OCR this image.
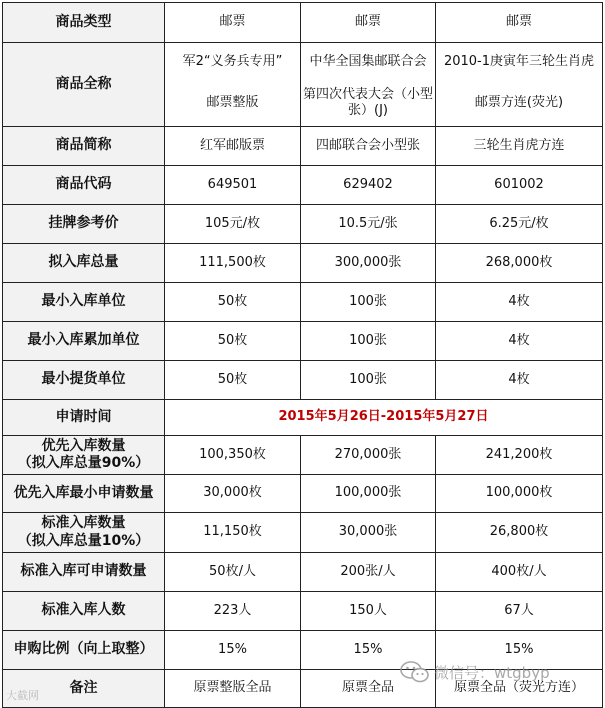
商品类型	邮票	邮票	邮票
商品全称	军2“义务兵专用”	中华全国集邮联合会	2010-1庚寅年三轮生肖虎
	邮票整版	第四次代表大会（小型张）(J)	邮票方连(荧光)
商品简称	红军邮版票	四邮联合会小型张	三轮生肖虎方连
商品代码	649501	629402	601002
挂牌参考价	105元/枚	10.5元/张	6.25元/枚
拟入库总量	111,500枚	300,000张	268,000枚
最小入库单位	50枚	100张	4枚
最小入库累加单位	50枚	100张	4枚
最小提货单位	50枚	100张	4枚
申请时间	2015年5月26日-2015年5月27日		

优先入库数量
（拟入库总量90%）	100,350枚	270,000张	241,200枚
优先入库最小申请数量	30,000枚	100,000张	100,000枚

标准入库数量
（拟入库总量10%）	11,150枚	30,000张	26,800枚
标准入库可申请数量	50枚/人	200张/人	400枚/人
标准入库人数	223人	150人	67人
申购比例（向上取整）	15%	15%	15%
备注	原票整版全品	原票全品	原票全品（荧光方连）
大截网
微信号：wtgbyp
